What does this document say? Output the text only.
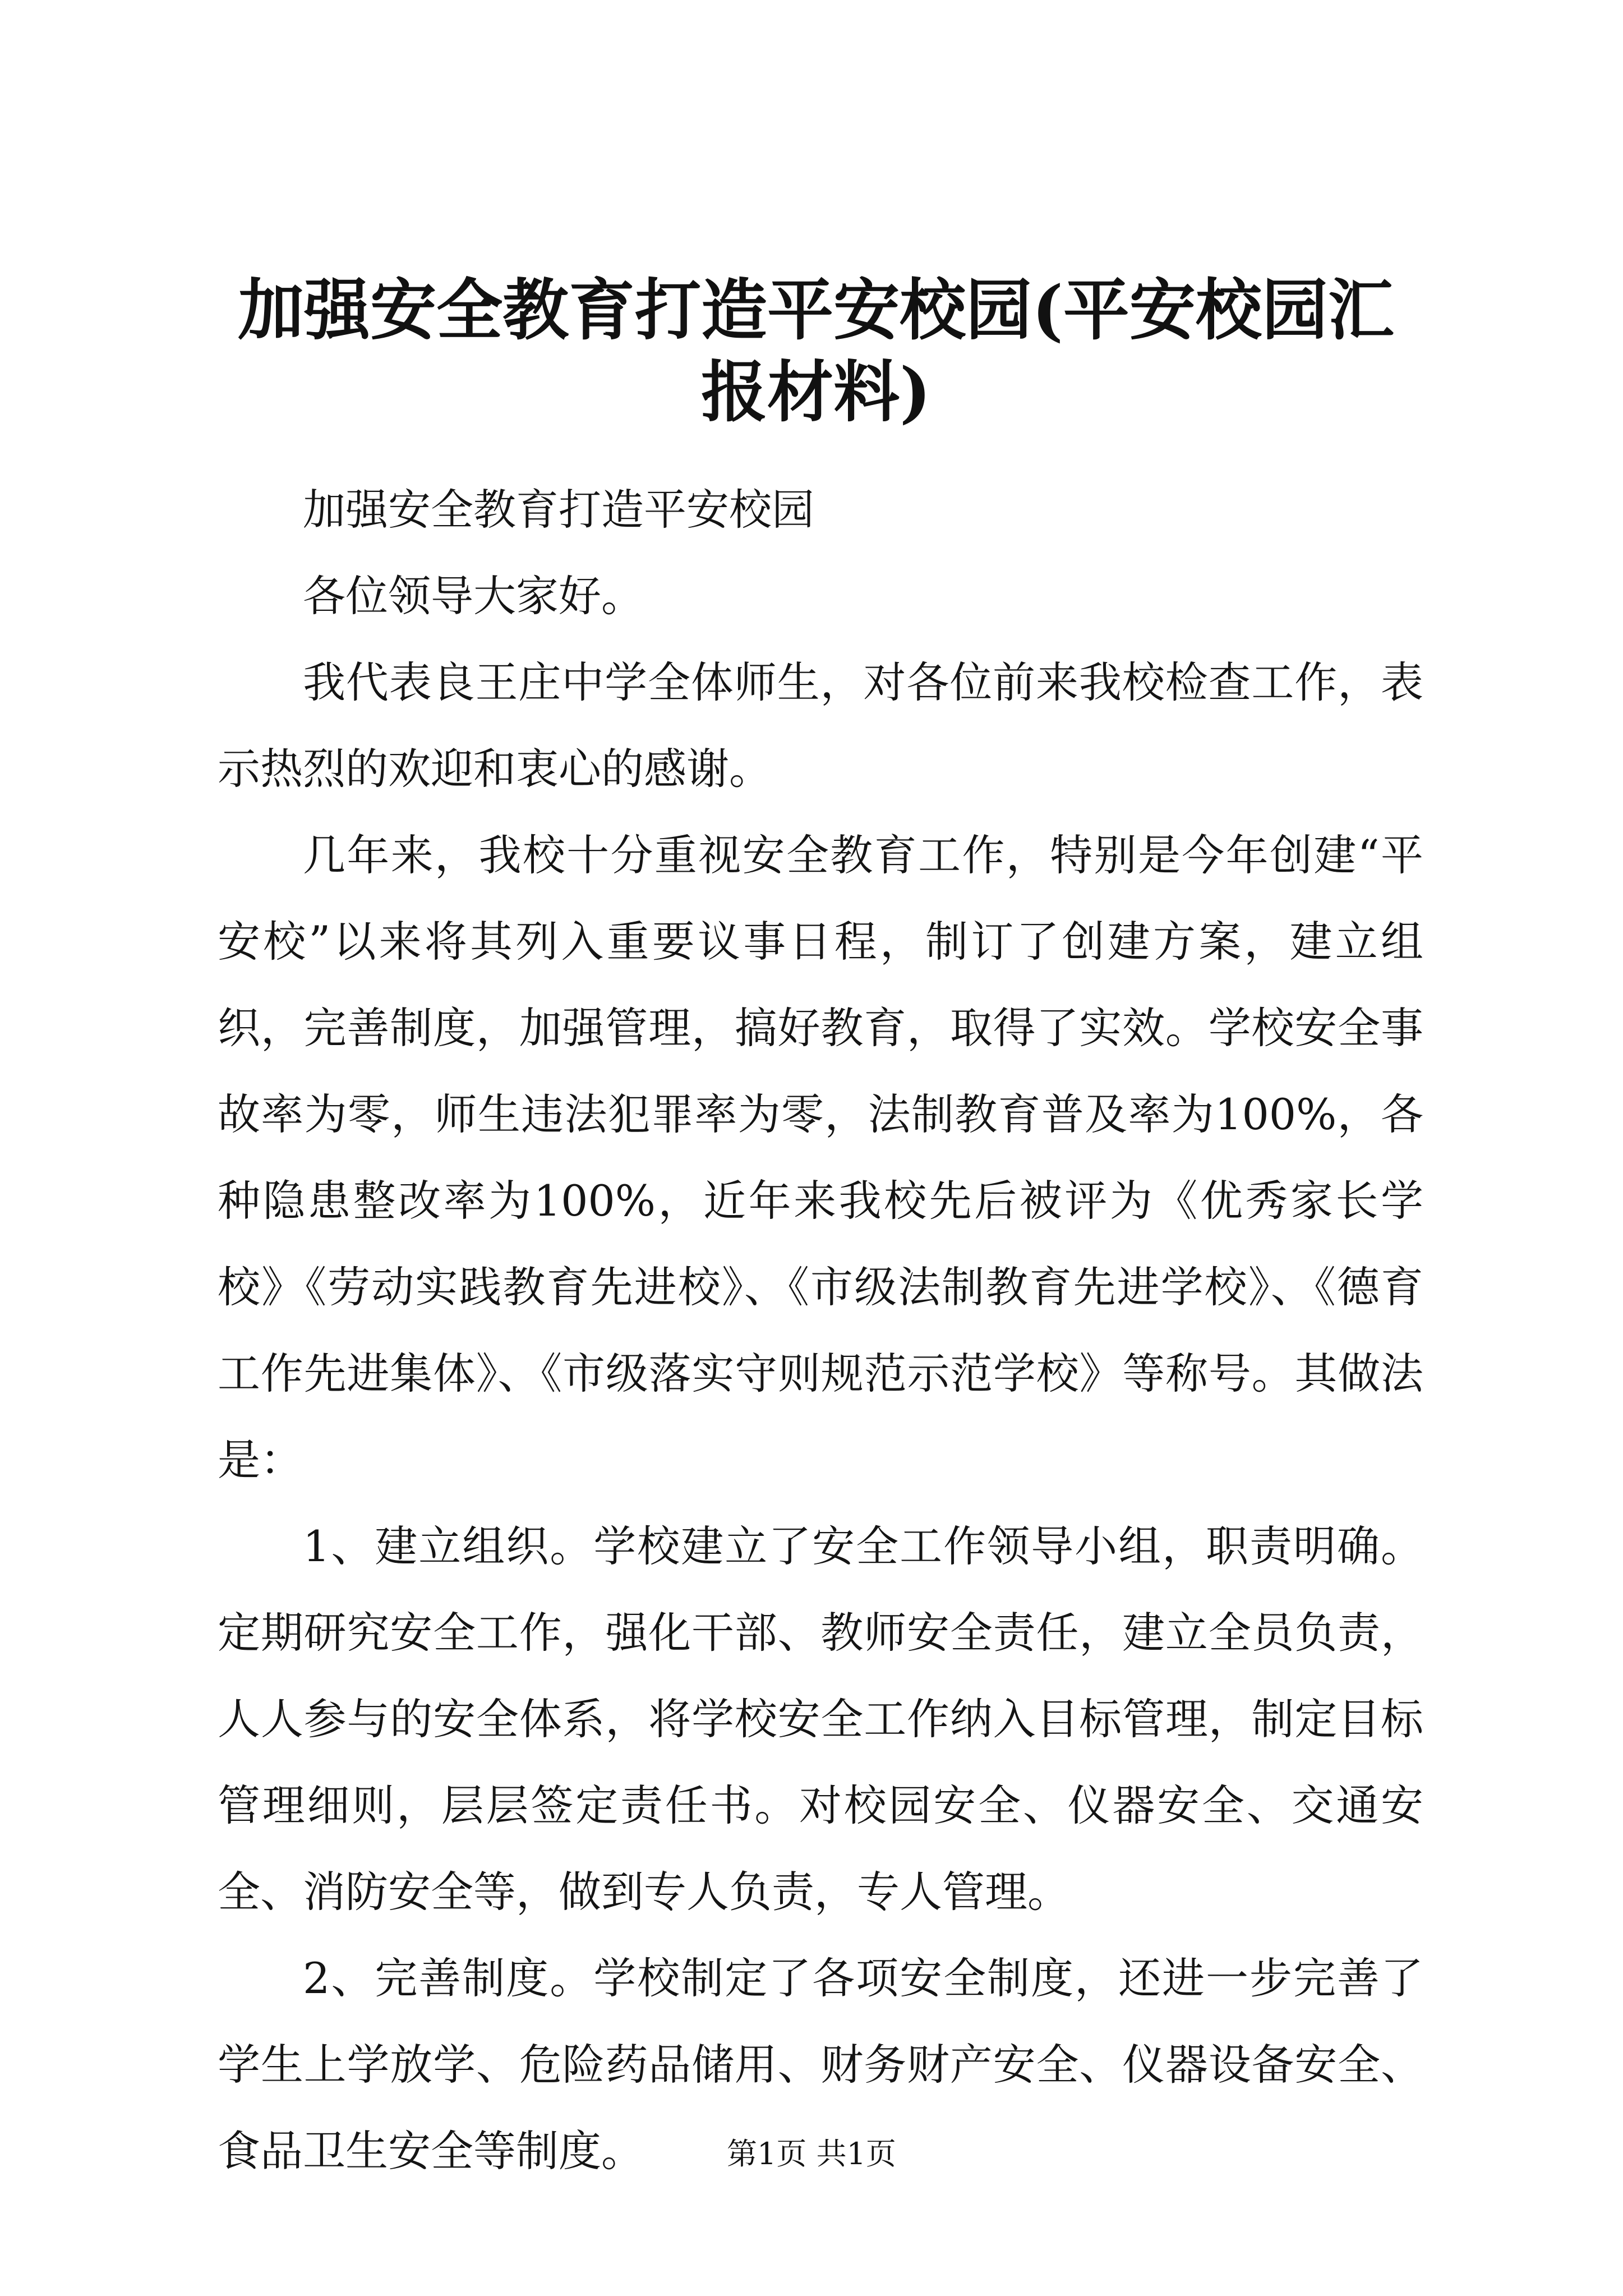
加强安全教育打造平安校园(平安校园汇报材料)

加强安全教育打造平安校园

各位领导大家好。

我代表良王庄中学全体师生，对各位前来我校检查工作，表示热烈的欢迎和衷心的感谢。

几年来，我校十分重视安全教育工作，特别是今年创建“平安校”以来将其列入重要议事日程，制订了创建方案，建立组织，完善制度，加强管理，搞好教育，取得了实效。学校安全事故率为零，师生违法犯罪率为零，法制教育普及率为100%，各种隐患整改率为100%，近年来我校先后被评为《优秀家长学校》《劳动实践教育先进校》、《市级法制教育先进学校》、《德育工作先进集体》、《市级落实守则规范示范学校》等称号。其做法是：

1、建立组织。学校建立了安全工作领导小组，职责明确。定期研究安全工作，强化干部、教师安全责任，建立全员负责，人人参与的安全体系，将学校安全工作纳入目标管理，制定目标管理细则，层层签定责任书。对校园安全、仪器安全、交通安全、消防安全等，做到专人负责，专人管理。

2、完善制度。学校制定了各项安全制度，还进一步完善了学生上学放学、危险药品储用、财务财产安全、仪器设备安全、食品卫生安全等制度。	第1页 共1页
